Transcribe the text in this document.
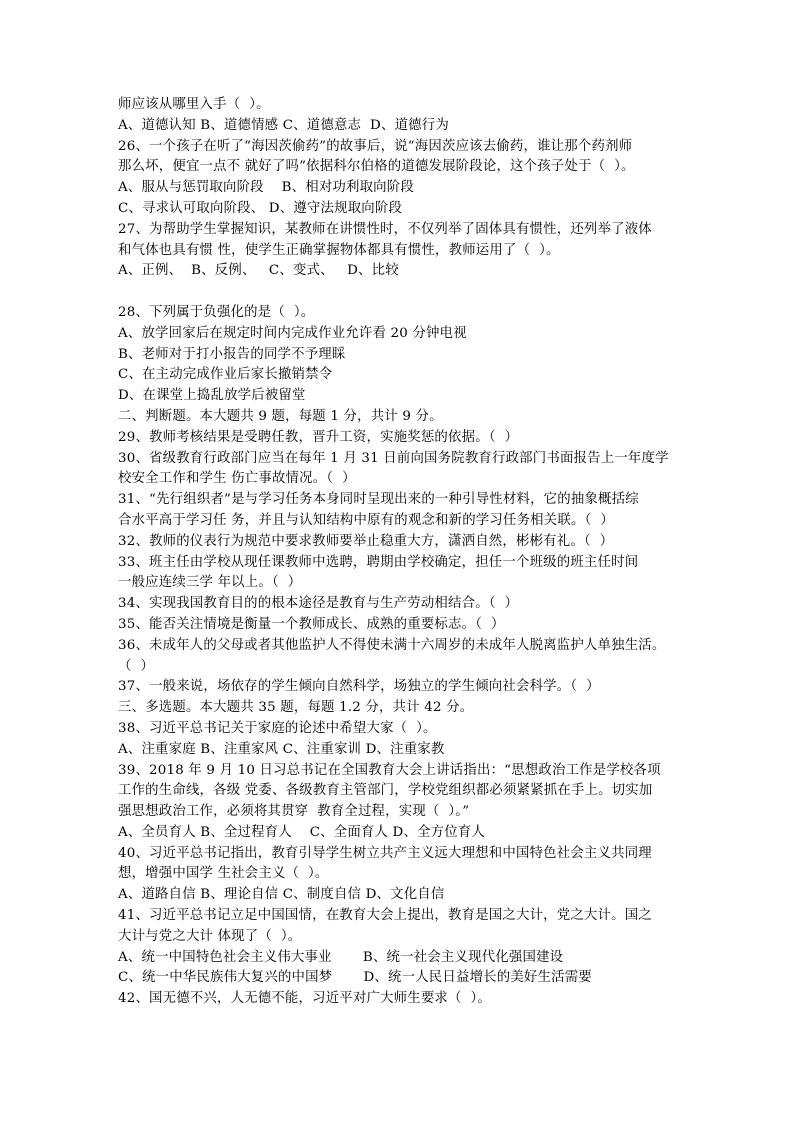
师应该从哪里入手（  ）。
A、道德认知 B、道德情感 C、道德意志  D、道德行为
26、一个孩子在听了“海因茨偷药”的故事后，说“海因茨应该去偷药，谁让那个药剂师
那么坏，便宜一点不 就好了吗”依据科尔伯格的道德发展阶段论，这个孩子处于（  ）。
A、服从与惩罚取向阶段    B、相对功利取向阶段
C、寻求认可取向阶段、 D、遵守法规取向阶段
27、为帮助学生掌握知识，某教师在讲惯性时，不仅列举了固体具有惯性，还列举了液体
和气体也具有惯 性，使学生正确掌握物体都具有惯性，教师运用了（  ）。
A、正例、  B、反例、   C、变式、   D、比较
28、下列属于负强化的是（  ）。
A、放学回家后在规定时间内完成作业允许看 20 分钟电视
B、老师对于打小报告的同学不予理睬
C、在主动完成作业后家长撤销禁令
D、在课堂上捣乱放学后被留堂
二、判断题。本大题共 9 题，每题 1 分，共计 9 分。
29、教师考核结果是受聘任教，晋升工资，实施奖惩的依据。（  ）
30、省级教育行政部门应当在每年 1 月 31 日前向国务院教育行政部门书面报告上一年度学
校安全工作和学生 伤亡事故情况。（  ）
31、“先行组织者”是与学习任务本身同时呈现出来的一种引导性材料，它的抽象概括综
合水平高于学习任 务，并且与认知结构中原有的观念和新的学习任务相关联。（  ）
32、教师的仪表行为规范中要求教师要举止稳重大方，潇洒自然，彬彬有礼。（  ）
33、班主任由学校从现任课教师中选聘，聘期由学校确定，担任一个班级的班主任时间
一般应连续三学 年以上。（  ）
34、实现我国教育目的的根本途径是教育与生产劳动相结合。（  ）
35、能否关注情境是衡量一个教师成长、成熟的重要标志。（  ）
36、未成年人的父母或者其他监护人不得使未满十六周岁的未成年人脱离监护人单独生活。
（  ）
37、一般来说，场依存的学生倾向自然科学，场独立的学生倾向社会科学。（  ）
三、多选题。本大题共 35 题，每题 1.2 分，共计 42 分。
38、习近平总书记关于家庭的论述中希望大家（  ）。
A、注重家庭 B、注重家风 C、注重家训 D、注重家教
39、2018 年 9 月 10 日习总书记在全国教育大会上讲话指出：“思想政治工作是学校各项
工作的生命线，各级 党委、各级教育主管部门，学校党组织都必须紧紧抓在手上。切实加
强思想政治工作，必须将其贯穿  教育全过程，实现（  ）。”
A、全员育人 B、全过程育人    C、全面育人 D、全方位育人
40、习近平总书记指出，教育引导学生树立共产主义远大理想和中国特色社会主义共同理
想，增强中国学 生社会主义（  ）。
A、道路自信 B、理论自信 C、制度自信 D、文化自信
41、习近平总书记立足中国国情，在教育大会上提出，教育是国之大计，党之大计。国之
大计与党之大计 体现了（  ）。
A、统一中国特色社会主义伟大事业       B、统一社会主义现代化强国建设
C、统一中华民族伟大复兴的中国梦       D、统一人民日益增长的美好生活需要
42、国无德不兴，人无德不能，习近平对广大师生要求（  ）。
